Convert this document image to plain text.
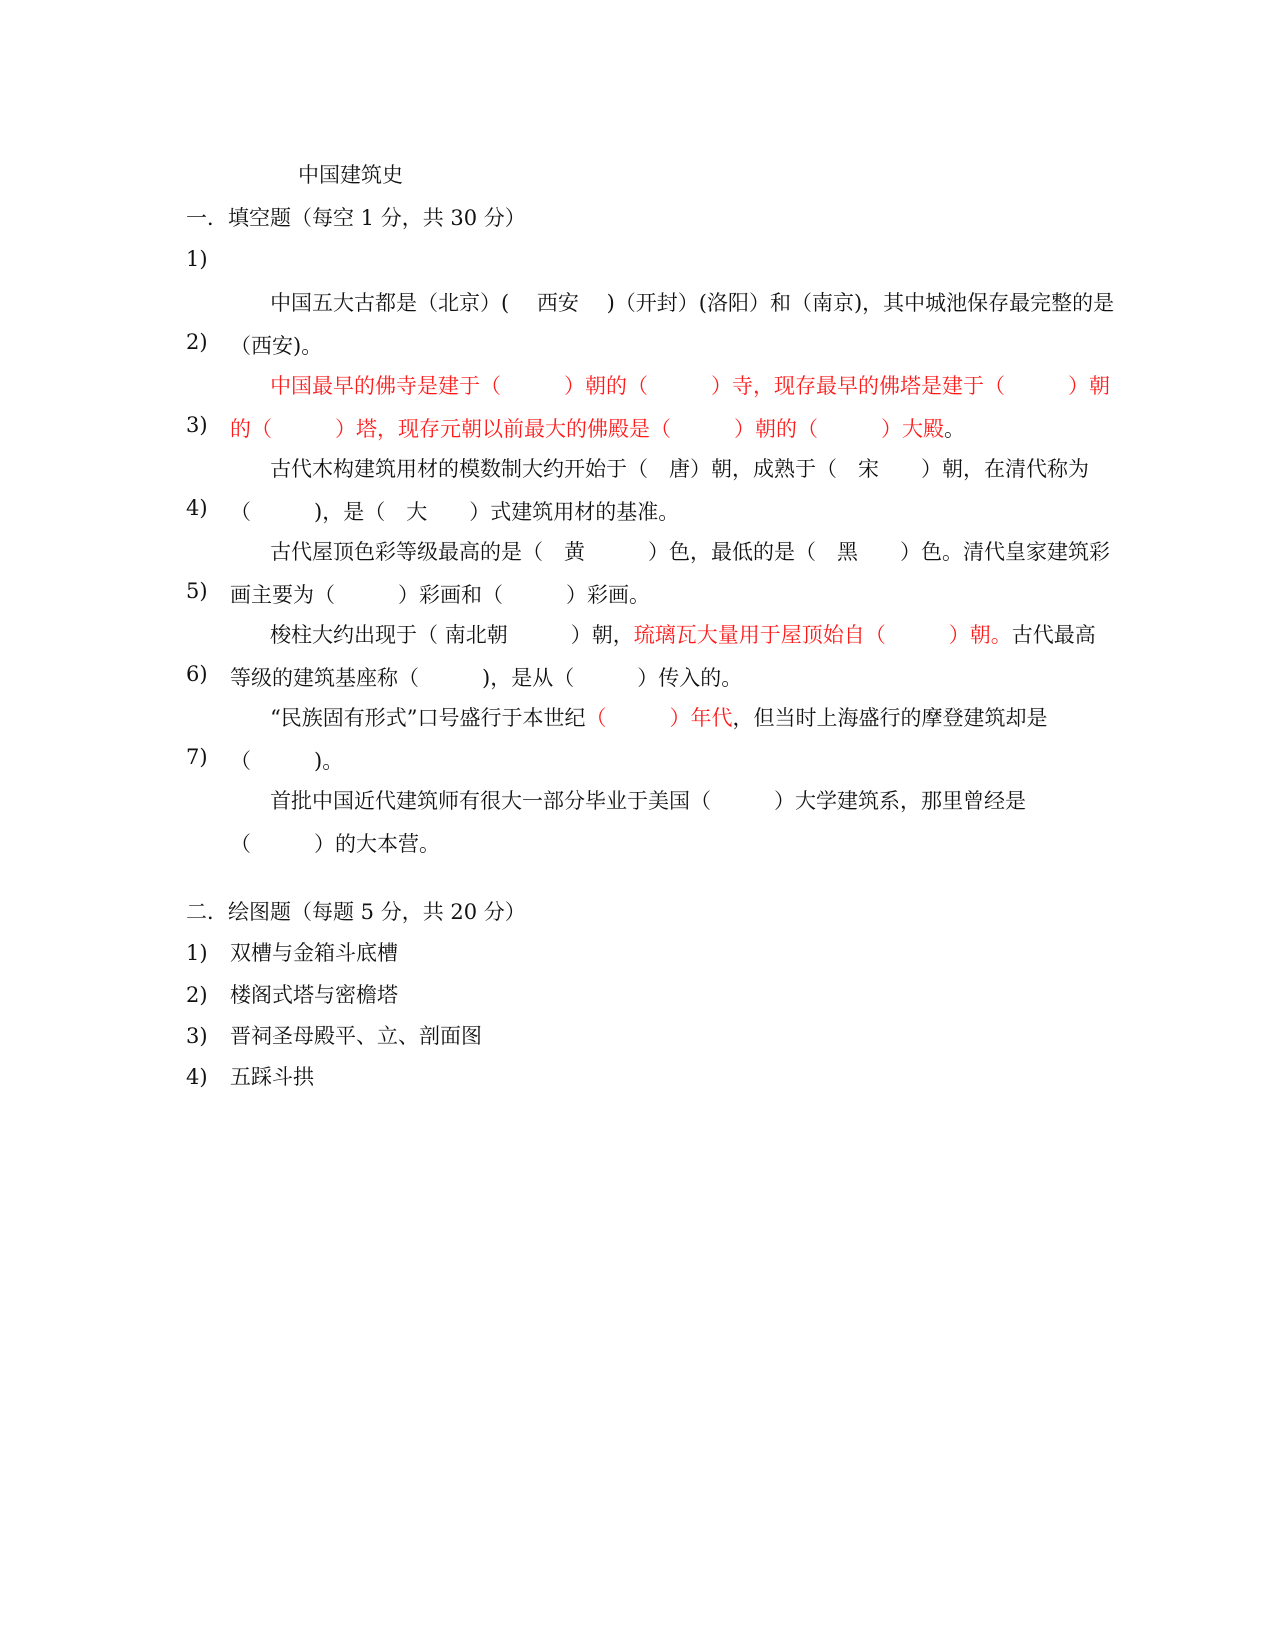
中国建筑史
一．填空题（每空 1 分，共 30 分）
1)

中国五大古都是（北京）(　 西安 　)（开封）(洛阳）和（南京)，其中城池保存最完整的是（西安)。

2)

中国最早的佛寺是建于（　　　）朝的（　　　）寺，现存最早的佛塔是建于（　　　）朝的（　　　）塔，现存元朝以前最大的佛殿是（　　　）朝的（　　　）大殿。

3)

古代木构建筑用材的模数制大约开始于（　唐）朝，成熟于（　宋　　）朝，在清代称为（　　　)，是（　大　　）式建筑用材的基准。

4)

古代屋顶色彩等级最高的是（　黄　　　）色，最低的是（　黑　　）色。清代皇家建筑彩画主要为（　　　）彩画和（　　　）彩画。

5)

梭柱大约出现于（ 南北朝　　　）朝，琉璃瓦大量用于屋顶始自（　　　）朝。古代最高等级的建筑基座称（　　　)，是从（　　　）传入的。

6)

“民族固有形式”口号盛行于本世纪（　　　）年代，但当时上海盛行的摩登建筑却是（　　　)。

7)

首批中国近代建筑师有很大一部分毕业于美国（　　　）大学建筑系，那里曾经是（　　　）的大本营。

二．绘图题（每题 5 分，共 20 分）
1) 双槽与金箱斗底槽
2) 楼阁式塔与密檐塔
3) 晋祠圣母殿平、立、剖面图
4) 五踩斗拱
